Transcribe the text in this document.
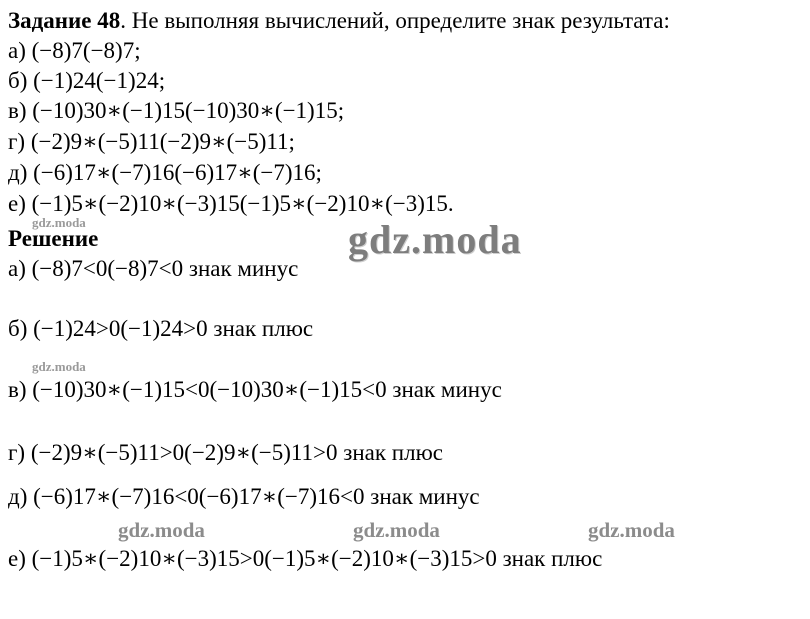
Задание 48. Не выполняя вычислений, определите знак результата:
а) (−8)7(−8)7;
б) (−1)24(−1)24;
в) (−10)30∗(−1)15(−10)30∗(−1)15;
г) (−2)9∗(−5)11(−2)9∗(−5)11;
д) (−6)17∗(−7)16(−6)17∗(−7)16;
е) (−1)5∗(−2)10∗(−3)15(−1)5∗(−2)10∗(−3)15.
Решение
а) (−8)7<0(−8)7<0 знак минус
б) (−1)24>0(−1)24>0 знак плюс
в) (−10)30∗(−1)15<0(−10)30∗(−1)15<0 знак минус
г) (−2)9∗(−5)11>0(−2)9∗(−5)11>0 знак плюс
д) (−6)17∗(−7)16<0(−6)17∗(−7)16<0 знак минус
е) (−1)5∗(−2)10∗(−3)15>0(−1)5∗(−2)10∗(−3)15>0 знак плюс
gdz.moda	gdz.moda
gdz.moda
gdz.moda	gdz.moda	gdz.moda
